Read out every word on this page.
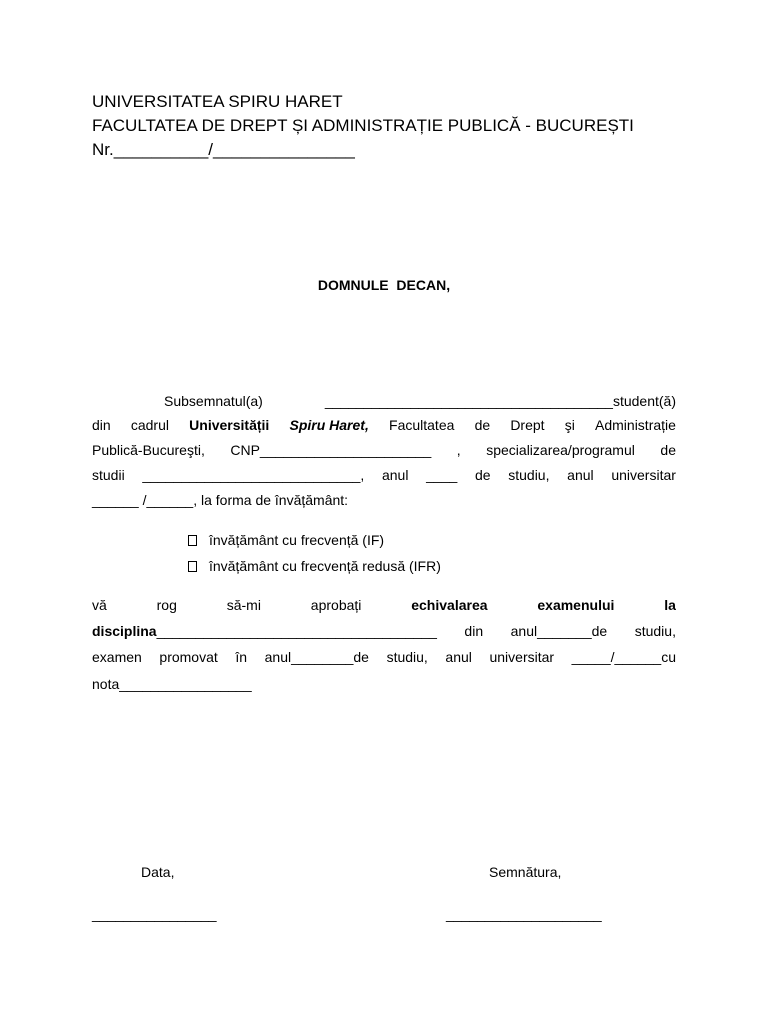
UNIVERSITATEA SPIRU HARET
FACULTATEA DE DREPT ȘI ADMINISTRAȚIE PUBLICĂ - BUCUREȘTI
Nr.__________/_______________
DOMNULE  DECAN,
Subsemnatul(a)	_____________________________________student(ă)
din cadrul Universității Spiru Haret, Facultatea de Drept şi Administrație
Publică-Bucureşti, CNP______________________ , specializarea/programul de
studii ____________________________, anul ____ de studiu, anul universitar
______ /______, la forma de învățământ:
învățământ cu frecvență (IF)
învățământ cu frecvență redusă (IFR)
vă	rog	să-mi	aprobați	echivalarea	examenului	la
disciplina____________________________________ din anul_______de studiu,
examen promovat în anul________de studiu, anul universitar _____/______cu
nota_________________
Data,
________________
Semnătura,
____________________
